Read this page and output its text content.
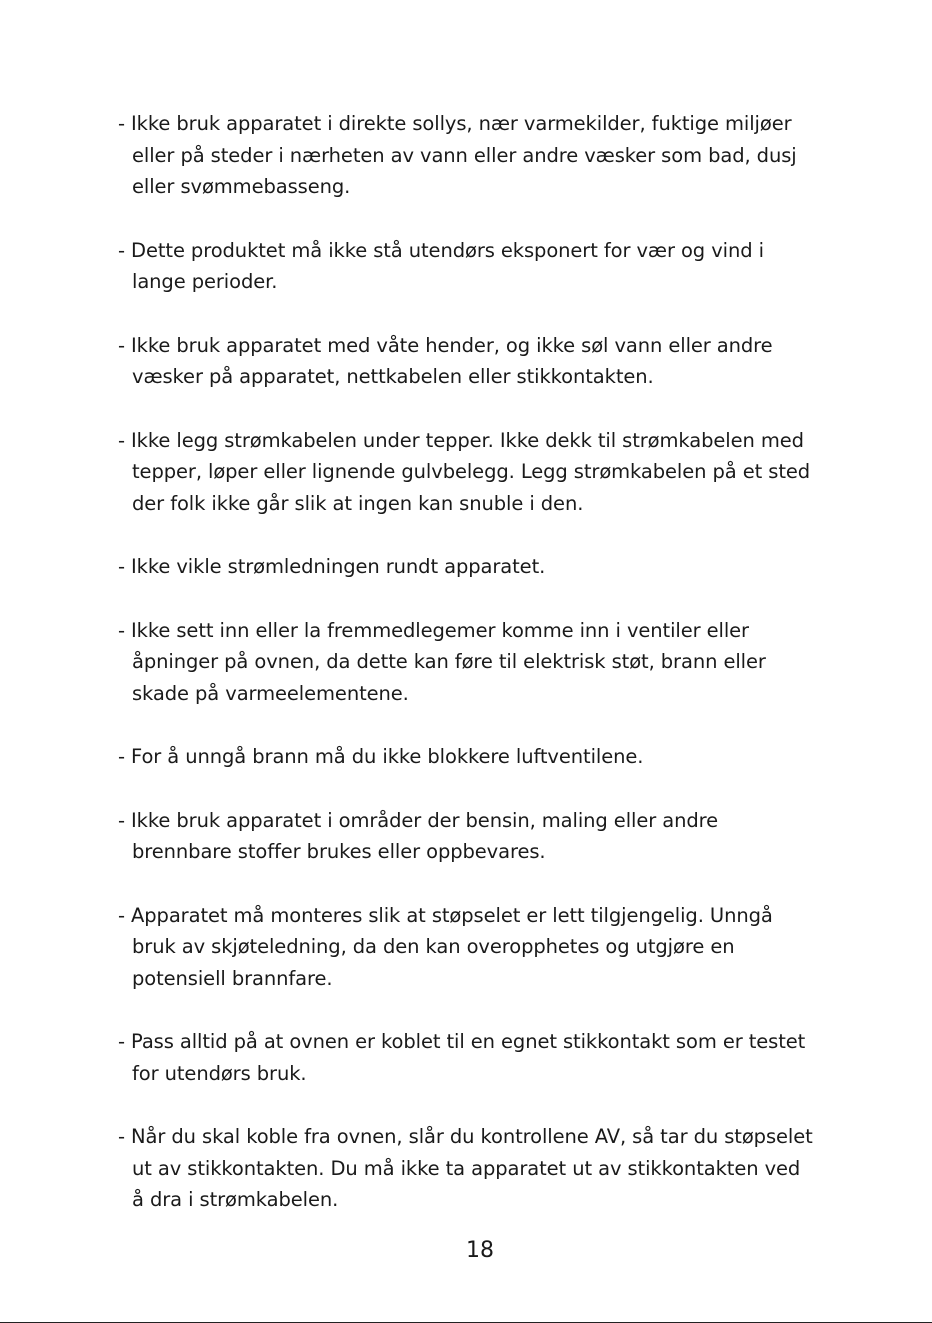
- Ikke bruk apparatet i direkte sollys, nær varmekilder, fuktige miljøer eller på steder i nærheten av vann eller andre væsker som bad, dusj eller svømmebasseng.
- Dette produktet må ikke stå utendørs eksponert for vær og vind i lange perioder.
- Ikke bruk apparatet med våte hender, og ikke søl vann eller andre væsker på apparatet, nettkabelen eller stikkontakten.
- Ikke legg strømkabelen under tepper. Ikke dekk til strømkabelen med tepper, løper eller lignende gulvbelegg. Legg strømkabelen på et sted der folk ikke går slik at ingen kan snuble i den.
- Ikke vikle strømledningen rundt apparatet.
- Ikke sett inn eller la fremmedlegemer komme inn i ventiler eller åpninger på ovnen, da dette kan føre til elektrisk støt, brann eller skade på varmeelementene.
- For å unngå brann må du ikke blokkere luftventilene.
- Ikke bruk apparatet i områder der bensin, maling eller andre brennbare stoffer brukes eller oppbevares.
- Apparatet må monteres slik at støpselet er lett tilgjengelig. Unngå bruk av skjøteledning, da den kan overopphetes og utgjøre en potensiell brannfare.
- Pass alltid på at ovnen er koblet til en egnet stikkontakt som er testet for utendørs bruk.
- Når du skal koble fra ovnen, slår du kontrollene AV, så tar du støpselet ut av stikkontakten. Du må ikke ta apparatet ut av stikkontakten ved å dra i strømkabelen.
18
